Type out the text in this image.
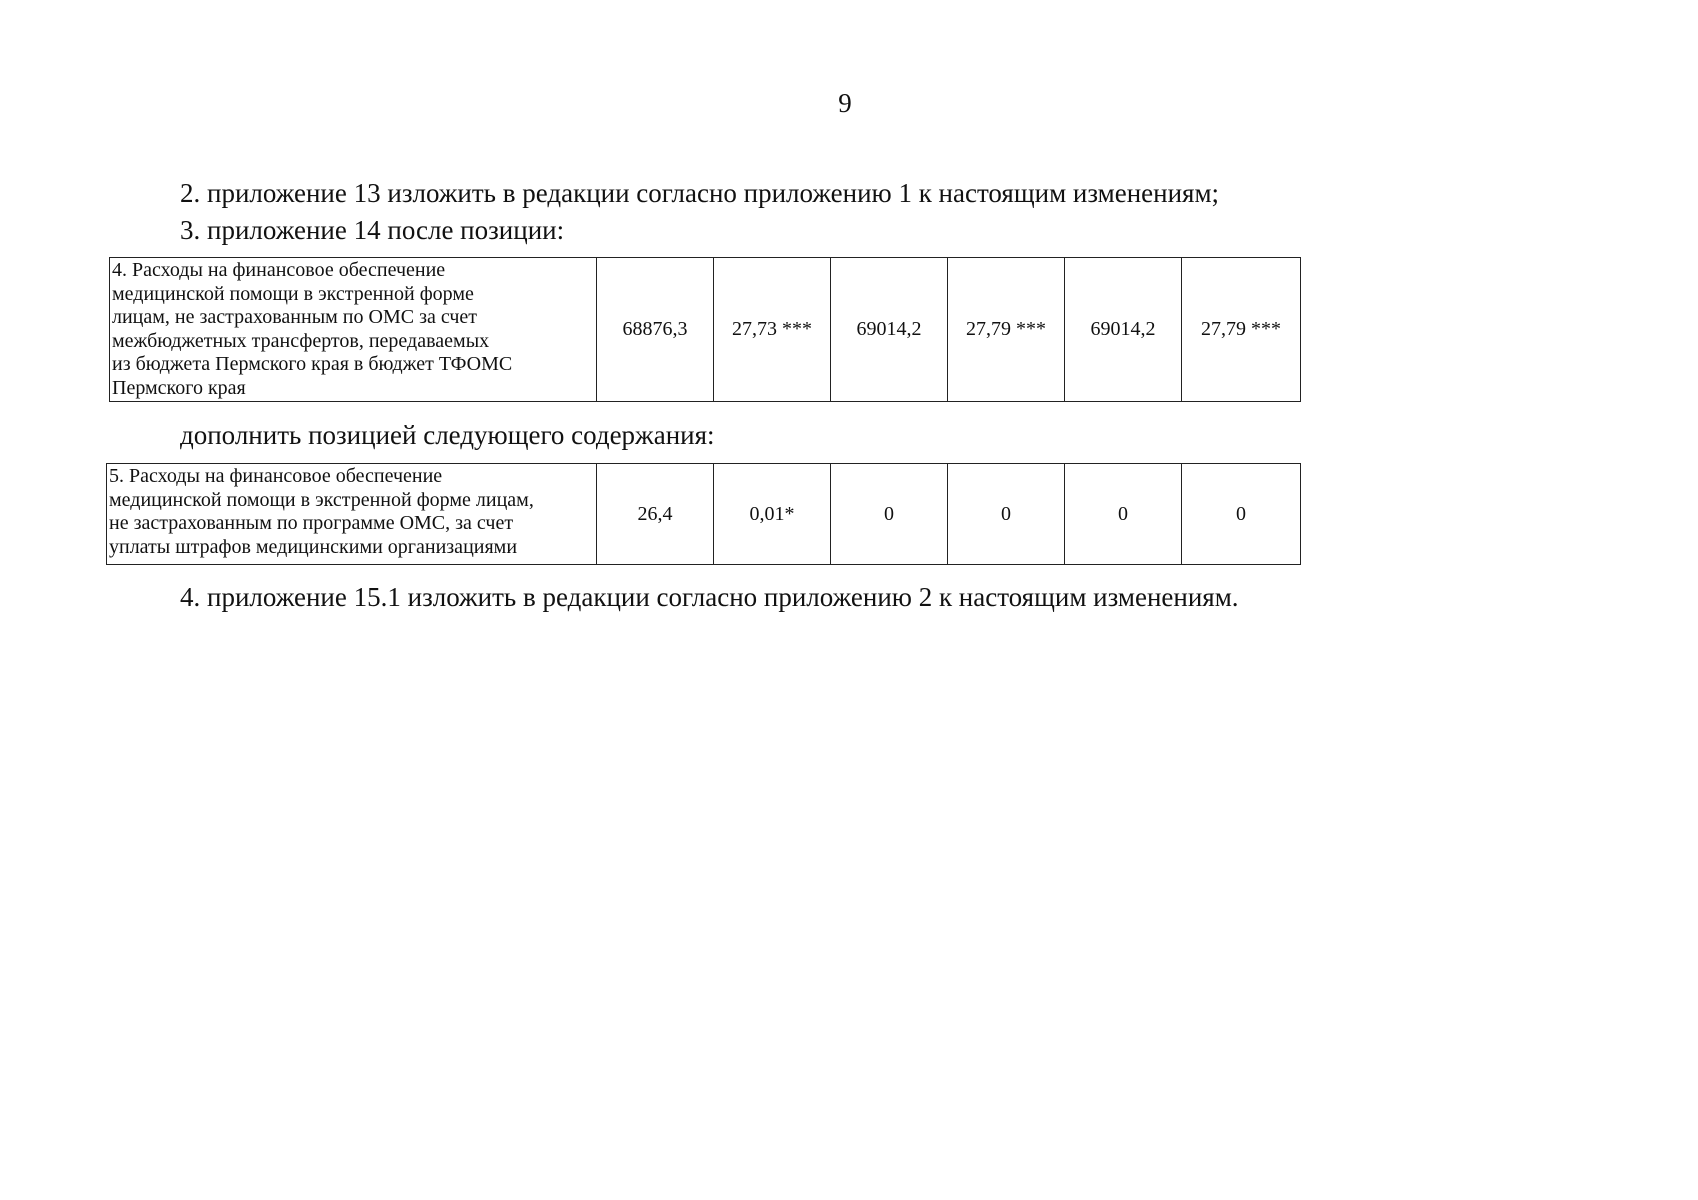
9
2. приложение 13 изложить в редакции согласно приложению 1 к настоящим изменениям;
3. приложение 14 после позиции:
4. Расходы на финансовое обеспечение
медицинской помощи в экстренной форме
лицам, не застрахованным по ОМС за счет
межбюджетных трансфертов, передаваемых
из бюджета Пермского края в бюджет ТФОМС
Пермского края
	68876,3	27,73 ***	69014,2	27,79 ***	69014,2	27,79 ***
дополнить позицией следующего содержания:
5. Расходы на финансовое обеспечение
медицинской помощи в экстренной форме лицам,
не застрахованным по программе ОМС, за счет
уплаты штрафов медицинскими организациями
	26,4	0,01*	0	0	0	0
4. приложение 15.1 изложить в редакции согласно приложению 2 к настоящим изменениям.
